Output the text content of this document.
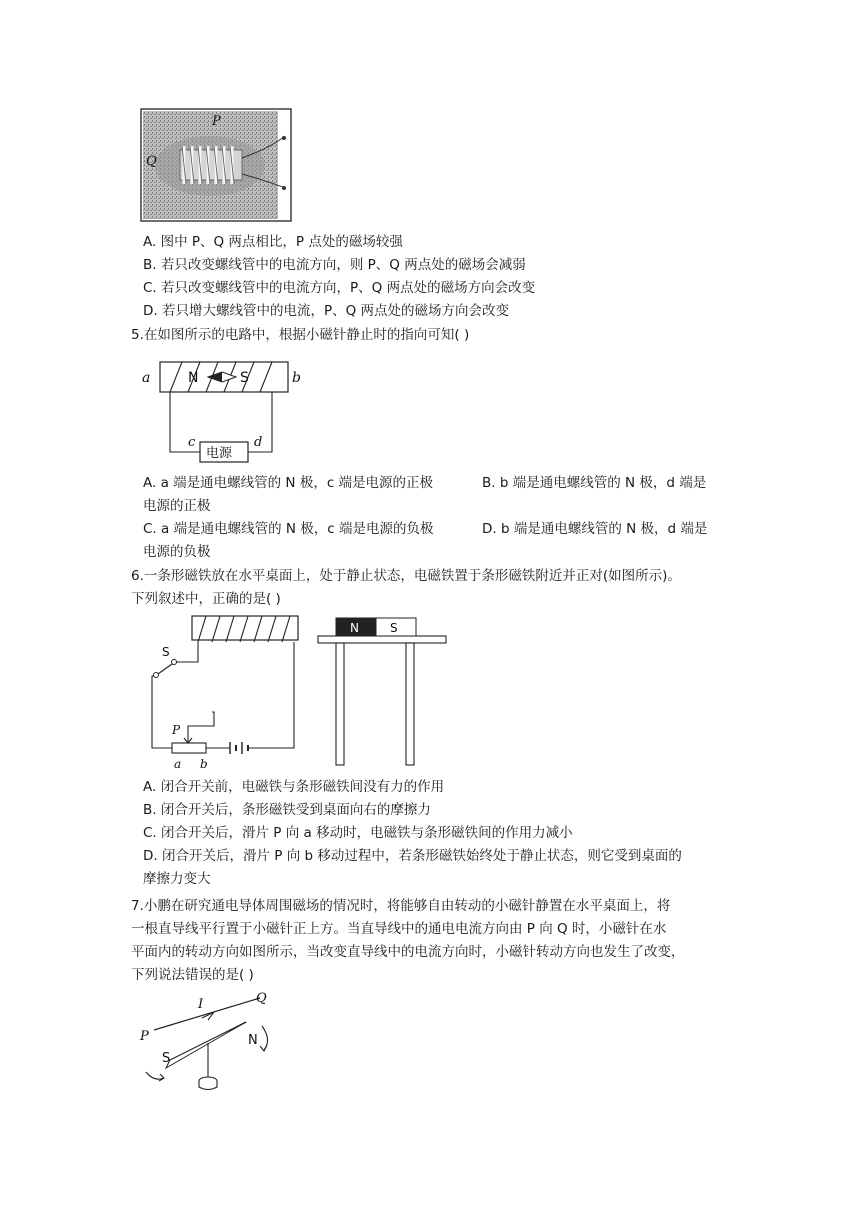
P
Q
A. 图中 P、Q 两点相比，P 点处的磁场较强
B. 若只改变螺线管中的电流方向，则 P、Q 两点处的磁场会减弱
C. 若只改变螺线管中的电流方向，P、Q 两点处的磁场方向会改变
D. 若只增大螺线管中的电流，P、Q 两点处的磁场方向会改变
5.在如图所示的电路中，根据小磁针静止时的指向可知( )
N	S
a	b
电源
c	d
A. a 端是通电螺线管的 N 极，c 端是电源的正极	B. b 端是通电螺线管的 N 极，d 端是
电源的正极
C. a 端是通电螺线管的 N 极，c 端是电源的负极	D. b 端是通电螺线管的 N 极，d 端是
电源的负极
6.一条形磁铁放在水平桌面上，处于静止状态，电磁铁置于条形磁铁附近并正对(如图所示)。
下列叙述中，正确的是( )
S
P
a b
N	S
A. 闭合开关前，电磁铁与条形磁铁间没有力的作用
B. 闭合开关后，条形磁铁受到桌面向右的摩擦力
C. 闭合开关后，滑片 P 向 a 移动时，电磁铁与条形磁铁间的作用力减小
D. 闭合开关后，滑片 P 向 b 移动过程中，若条形磁铁始终处于静止状态，则它受到桌面的
摩擦力变大
7.小鹏在研究通电导体周围磁场的情况时，将能够自由转动的小磁针静置在水平桌面上，将
一根直导线平行置于小磁针正上方。当直导线中的通电电流方向由 P 向 Q 时，小磁针在水
平面内的转动方向如图所示，当改变直导线中的电流方向时，小磁针转动方向也发生了改变，
下列说法错误的是( )
I
P
Q
N
S
